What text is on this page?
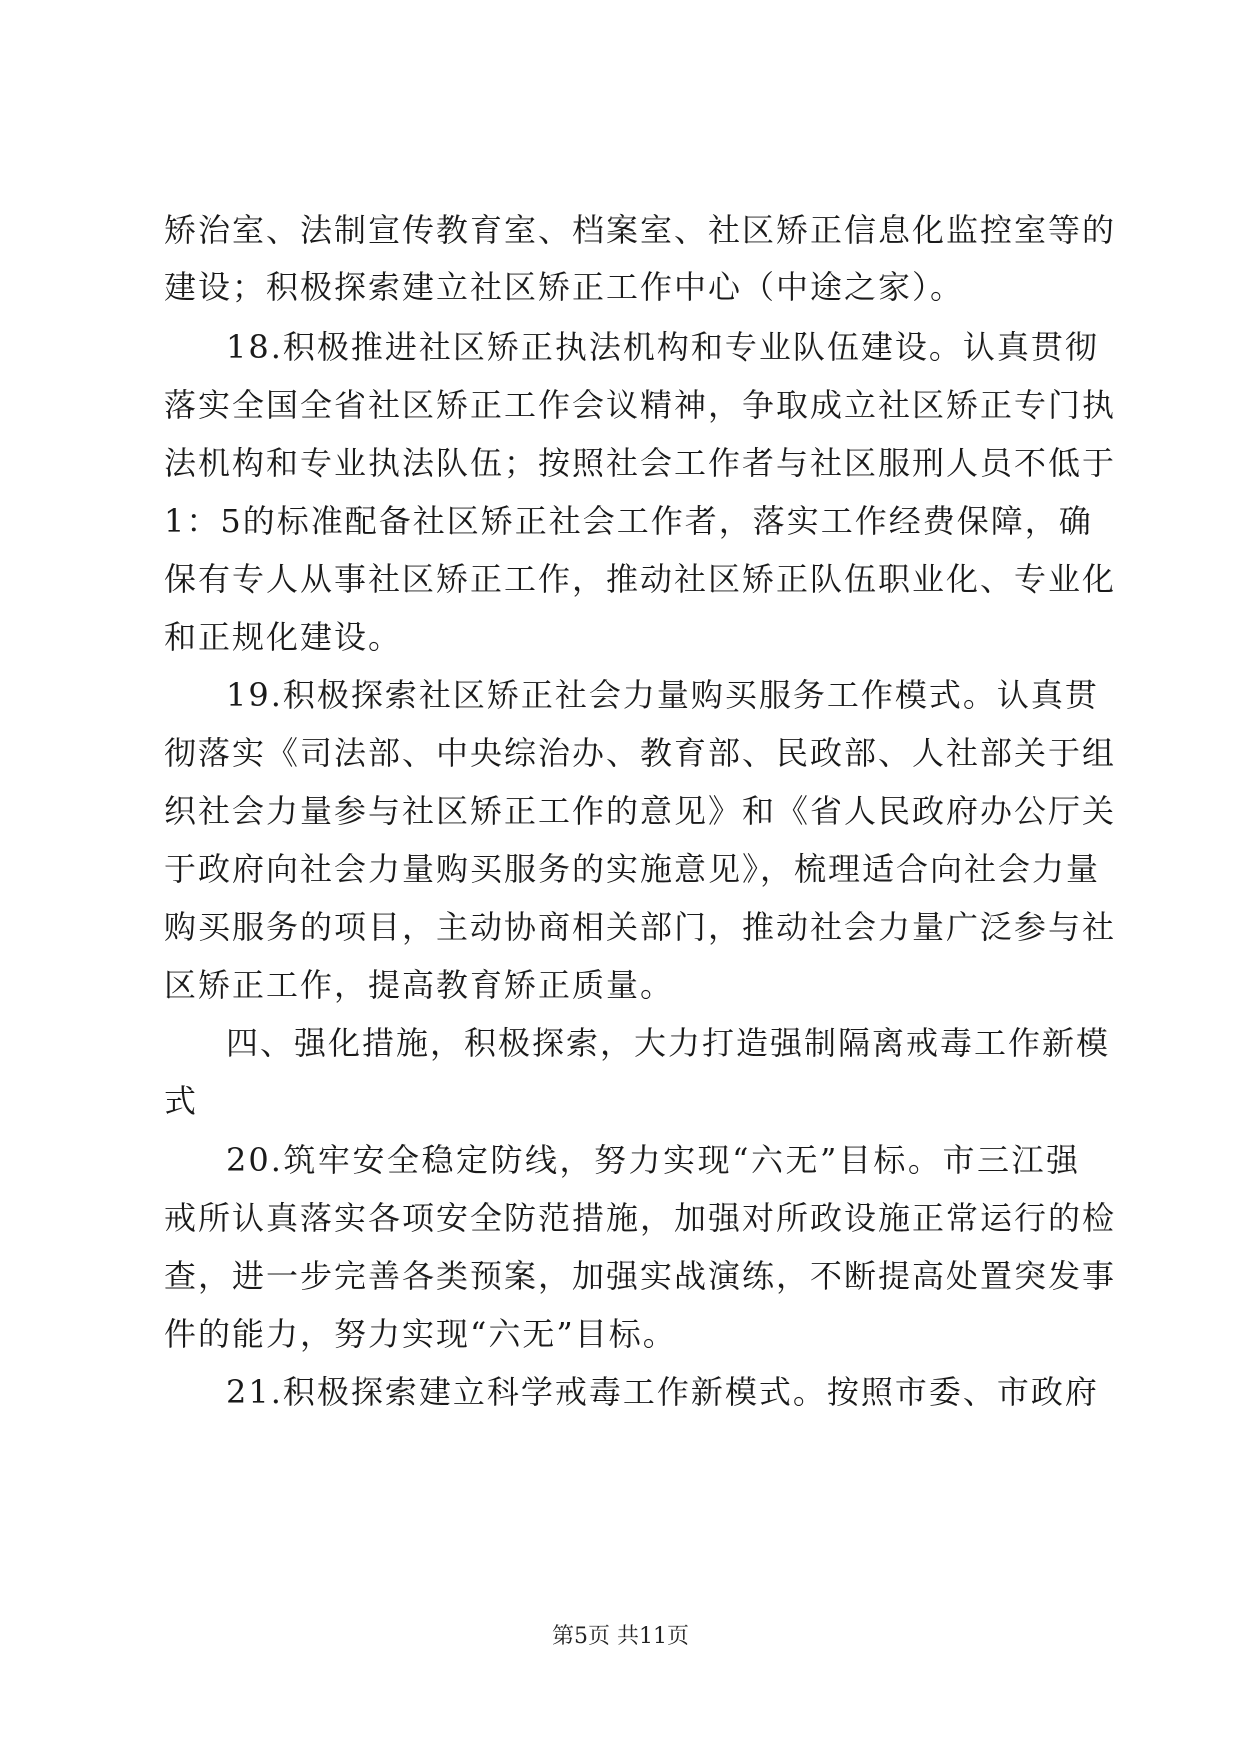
矫治室、法制宣传教育室、档案室、社区矫正信息化监控室等的
建设；积极探索建立社区矫正工作中心（中途之家）。
18.积极推进社区矫正执法机构和专业队伍建设。认真贯彻
落实全国全省社区矫正工作会议精神，争取成立社区矫正专门执
法机构和专业执法队伍；按照社会工作者与社区服刑人员不低于
1：5的标准配备社区矫正社会工作者，落实工作经费保障，确
保有专人从事社区矫正工作，推动社区矫正队伍职业化、专业化
和正规化建设。
19.积极探索社区矫正社会力量购买服务工作模式。认真贯
彻落实《司法部、中央综治办、教育部、民政部、人社部关于组
织社会力量参与社区矫正工作的意见》和《省人民政府办公厅关
于政府向社会力量购买服务的实施意见》，梳理适合向社会力量
购买服务的项目，主动协商相关部门，推动社会力量广泛参与社
区矫正工作，提高教育矫正质量。
四、强化措施，积极探索，大力打造强制隔离戒毒工作新模
式
20.筑牢安全稳定防线，努力实现“六无”目标。市三江强
戒所认真落实各项安全防范措施，加强对所政设施正常运行的检
查，进一步完善各类预案，加强实战演练，不断提高处置突发事
件的能力，努力实现“六无”目标。
21.积极探索建立科学戒毒工作新模式。按照市委、市政府
第5页 共11页
